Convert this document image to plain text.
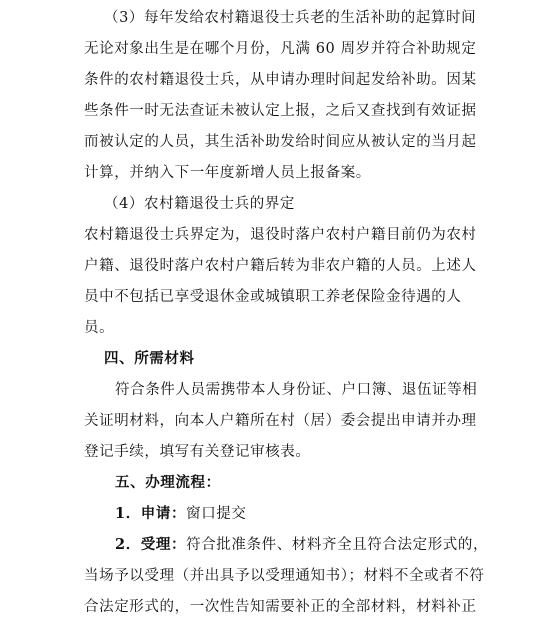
（3）每年发给农村籍退役士兵老的生活补助的起算时间
无论对象出生是在哪个月份，凡满 60 周岁并符合补助规定
条件的农村籍退役士兵，从申请办理时间起发给补助。因某
些条件一时无法查证未被认定上报，之后又查找到有效证据
而被认定的人员，其生活补助发给时间应从被认定的当月起
计算，并纳入下一年度新增人员上报备案。
（4）农村籍退役士兵的界定
农村籍退役士兵界定为，退役时落户农村户籍目前仍为农村
户籍、退役时落户农村户籍后转为非农户籍的人员。上述人
员中不包括已享受退休金或城镇职工养老保险金待遇的人
员。
四、所需材料
符合条件人员需携带本人身份证、户口簿、退伍证等相
关证明材料，向本人户籍所在村（居）委会提出申请并办理
登记手续，填写有关登记审核表。
五、办理流程：
1．申请：窗口提交
2．受理：符合批准条件、材料齐全且符合法定形式的，
当场予以受理（并出具予以受理通知书）；材料不全或者不符
合法定形式的，一次性告知需要补正的全部材料，材料补正
